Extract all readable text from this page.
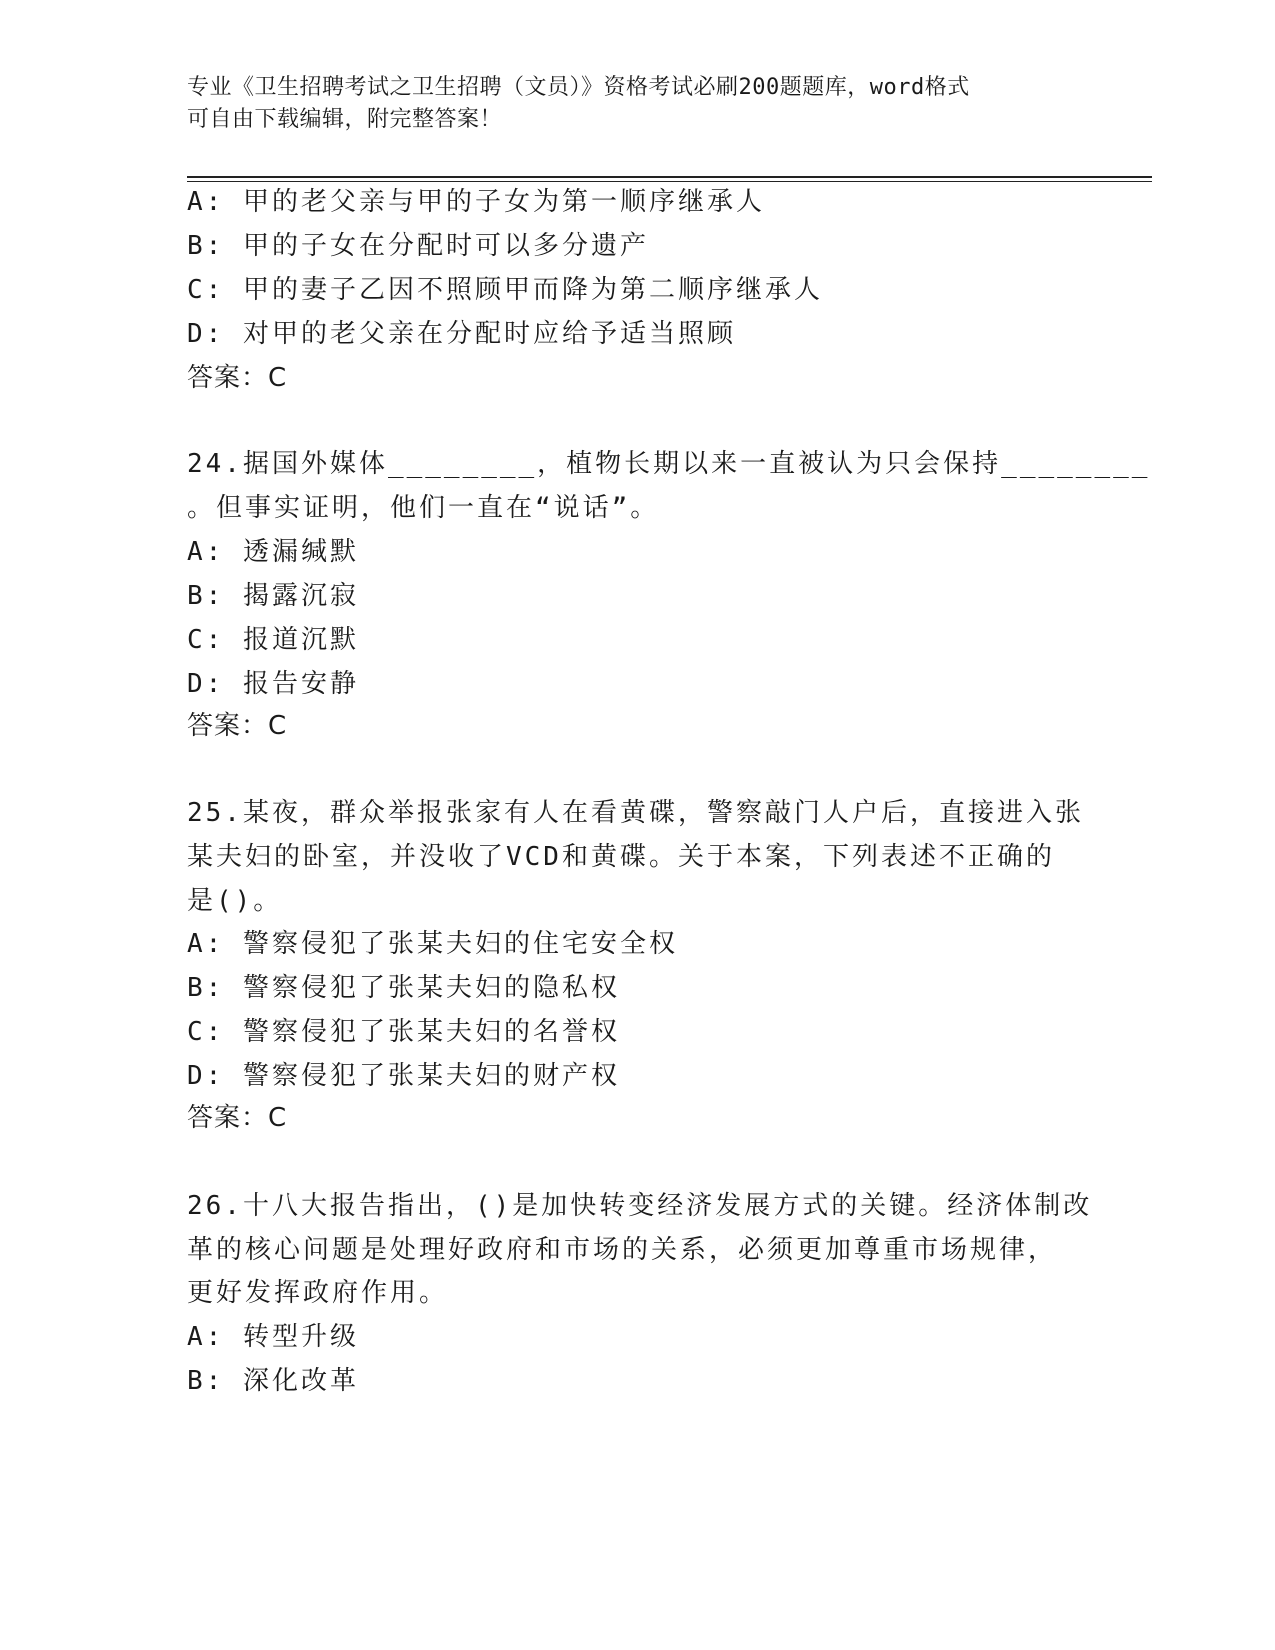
专业《卫生招聘考试之卫生招聘（文员）》资格考试必刷200题题库，word格式
可自由下载编辑，附完整答案！
A: 甲的老父亲与甲的子女为第一顺序继承人
B: 甲的子女在分配时可以多分遗产
C: 甲的妻子乙因不照顾甲而降为第二顺序继承人
D: 对甲的老父亲在分配时应给予适当照顾
答案：C
24.据国外媒体________，植物长期以来一直被认为只会保持________
。但事实证明，他们一直在“说话”。
A: 透漏缄默
B: 揭露沉寂
C: 报道沉默
D: 报告安静
答案：C
25.某夜，群众举报张家有人在看黄碟，警察敲门人户后，直接进入张
某夫妇的卧室，并没收了VCD和黄碟。关于本案，下列表述不正确的
是()。
A: 警察侵犯了张某夫妇的住宅安全权
B: 警察侵犯了张某夫妇的隐私权
C: 警察侵犯了张某夫妇的名誉权
D: 警察侵犯了张某夫妇的财产权
答案：C
26.十八大报告指出，()是加快转变经济发展方式的关键。经济体制改
革的核心问题是处理好政府和市场的关系，必须更加尊重市场规律，
更好发挥政府作用。
A: 转型升级
B: 深化改革
